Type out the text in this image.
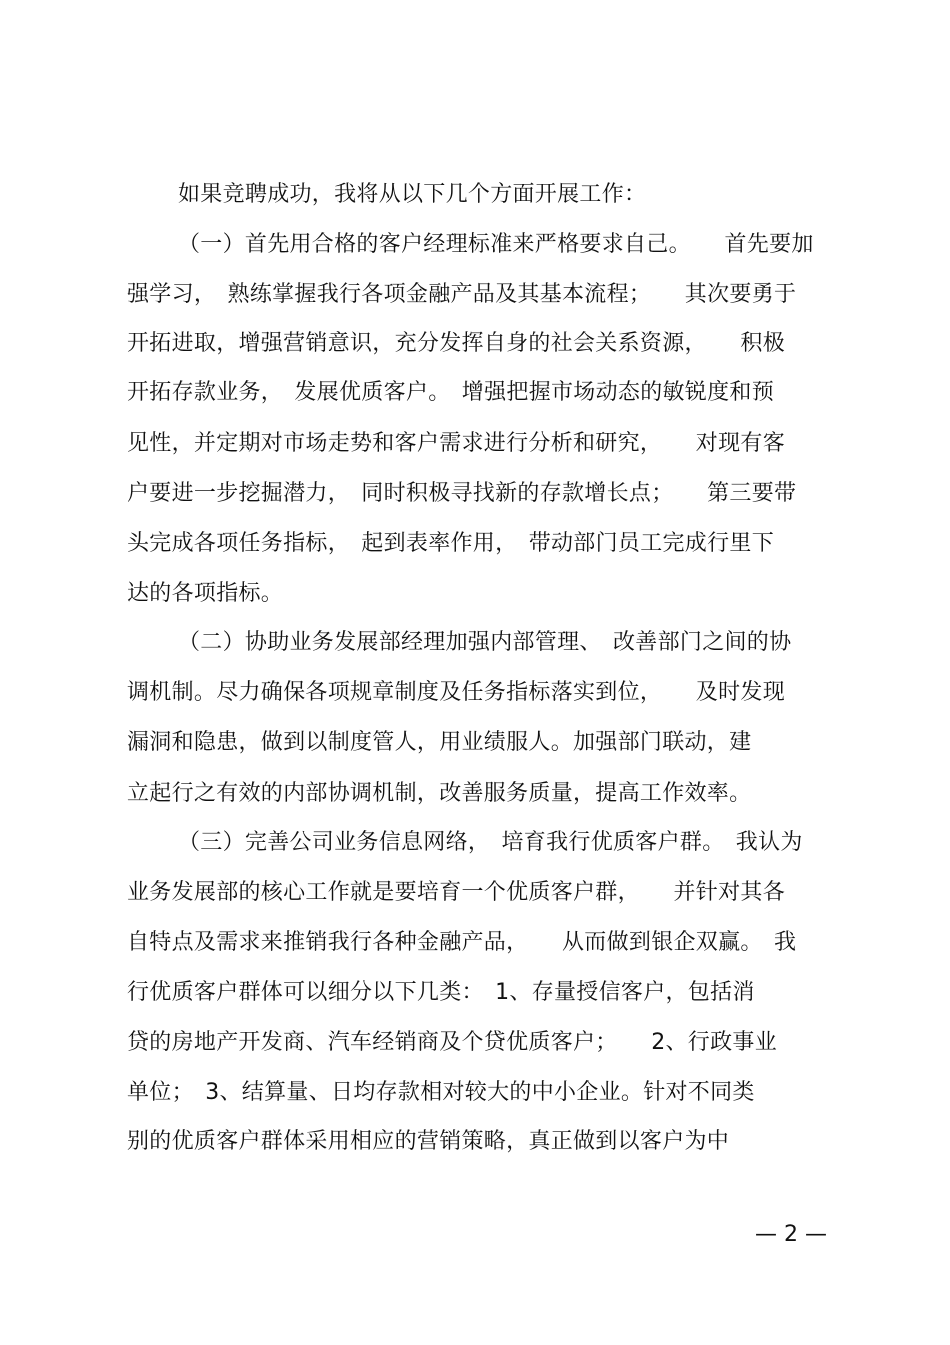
如果竞聘成功，我将从以下几个方面开展工作：
（一）首先用合格的客户经理标准来严格要求自己。　　首先要加
强学习，　熟练掌握我行各项金融产品及其基本流程；　　其次要勇于
开拓进取，增强营销意识，充分发挥自身的社会关系资源，　　积极
开拓存款业务，　发展优质客户。　增强把握市场动态的敏锐度和预
见性，并定期对市场走势和客户需求进行分析和研究，　　对现有客
户要进一步挖掘潜力，　同时积极寻找新的存款增长点；　　第三要带
头完成各项任务指标，　起到表率作用，　带动部门员工完成行里下
达的各项指标。
（二）协助业务发展部经理加强内部管理、　改善部门之间的协
调机制。尽力确保各项规章制度及任务指标落实到位，　　及时发现
漏洞和隐患，做到以制度管人，用业绩服人。加强部门联动，建
立起行之有效的内部协调机制，改善服务质量，提高工作效率。
（三）完善公司业务信息网络，　培育我行优质客户群。　我认为
业务发展部的核心工作就是要培育一个优质客户群，　　并针对其各
自特点及需求来推销我行各种金融产品，　　从而做到银企双赢。　我
行优质客户群体可以细分以下几类：　1、存量授信客户，包括消
贷的房地产开发商、汽车经销商及个贷优质客户；　　2、行政事业
单位；　3、结算量、日均存款相对较大的中小企业。针对不同类
别的优质客户群体采用相应的营销策略，真正做到以客户为中
— 2 —
